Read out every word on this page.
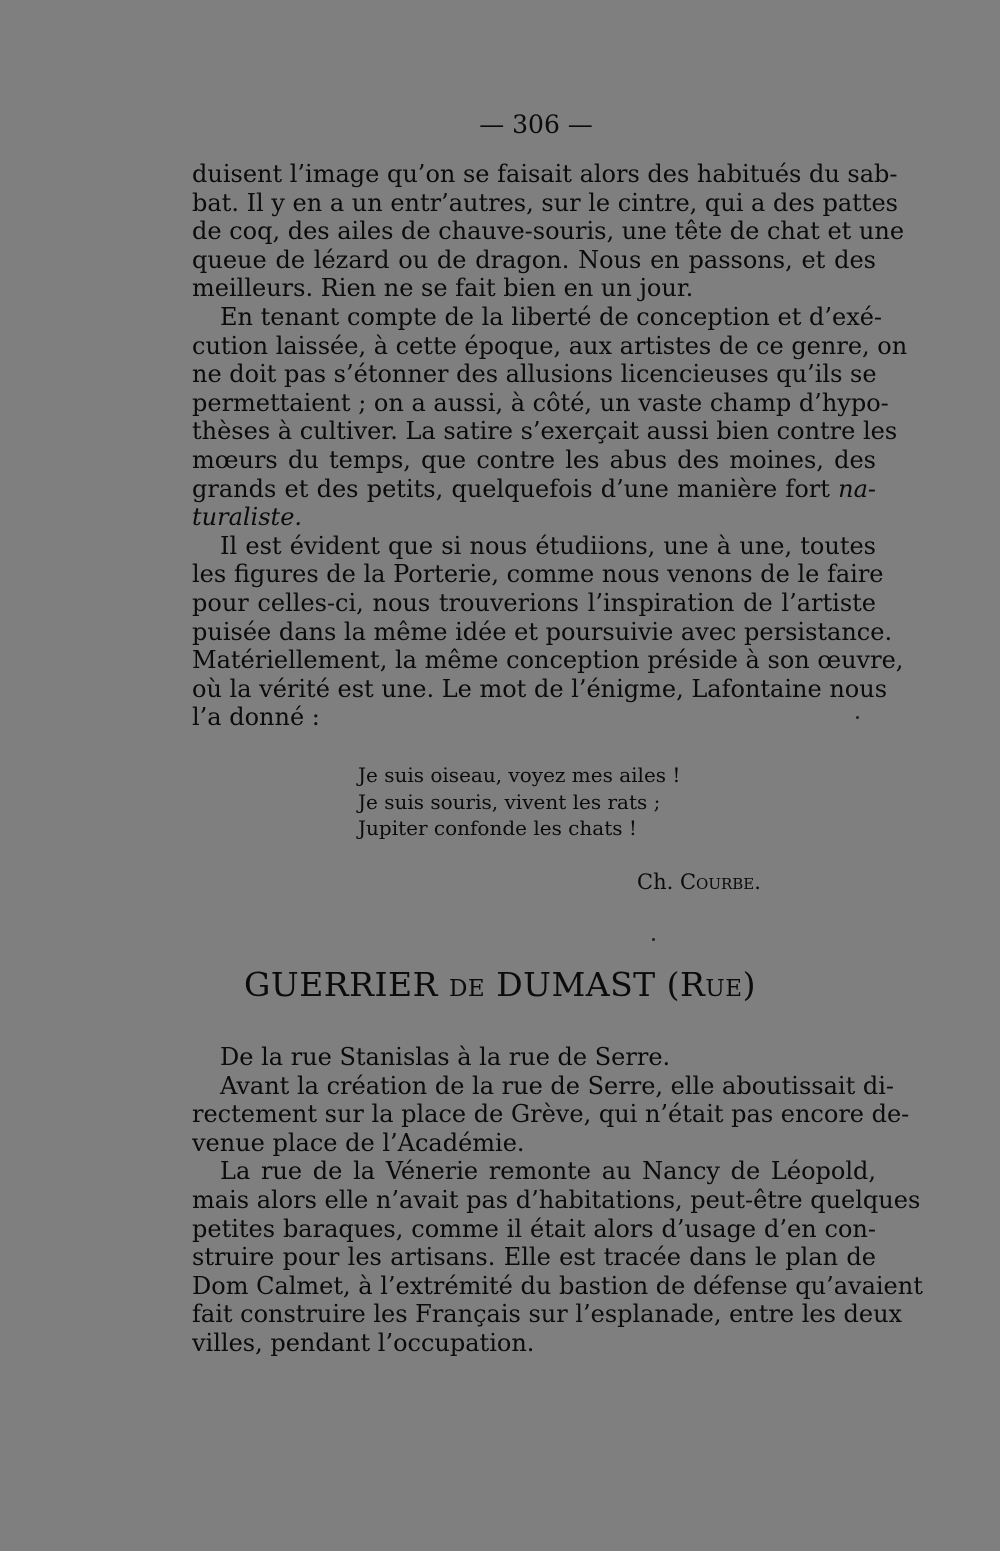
— 306 —
duisent l’image qu’on se faisait alors des habitués du sab-
bat. Il y en a un entr’autres, sur le cintre, qui a des pattes
de coq, des ailes de chauve-souris, une tête de chat et une
queue de lézard ou de dragon. Nous en passons, et des
meilleurs. Rien ne se fait bien en un jour.
En tenant compte de la liberté de conception et d’exé-
cution laissée, à cette époque, aux artistes de ce genre, on
ne doit pas s’étonner des allusions licencieuses qu’ils se
permettaient ; on a aussi, à côté, un vaste champ d’hypo-
thèses à cultiver. La satire s’exerçait aussi bien contre les
mœurs du temps, que contre les abus des moines, des
grands et des petits, quelquefois d’une manière fort na-
turaliste.
Il est évident que si nous étudiions, une à une, toutes
les figures de la Porterie, comme nous venons de le faire
pour celles-ci, nous trouverions l’inspiration de l’artiste
puisée dans la même idée et poursuivie avec persistance.
Matériellement, la même conception préside à son œuvre,
où la vérité est une. Le mot de l’énigme, Lafontaine nous
l’a donné :
Je suis oiseau, voyez mes ailes !
Je suis souris, vivent les rats ;
Jupiter confonde les chats !
Ch. Courbe.
GUERRIER DE DUMAST (RUE)
De la rue Stanislas à la rue de Serre.
Avant la création de la rue de Serre, elle aboutissait di-
rectement sur la place de Grève, qui n’était pas encore de-
venue place de l’Académie.
La rue de la Vénerie remonte au Nancy de Léopold,
mais alors elle n’avait pas d’habitations, peut-être quelques
petites baraques, comme il était alors d’usage d’en con-
struire pour les artisans. Elle est tracée dans le plan de
Dom Calmet, à l’extrémité du bastion de défense qu’avaient
fait construire les Français sur l’esplanade, entre les deux
villes, pendant l’occupation.
